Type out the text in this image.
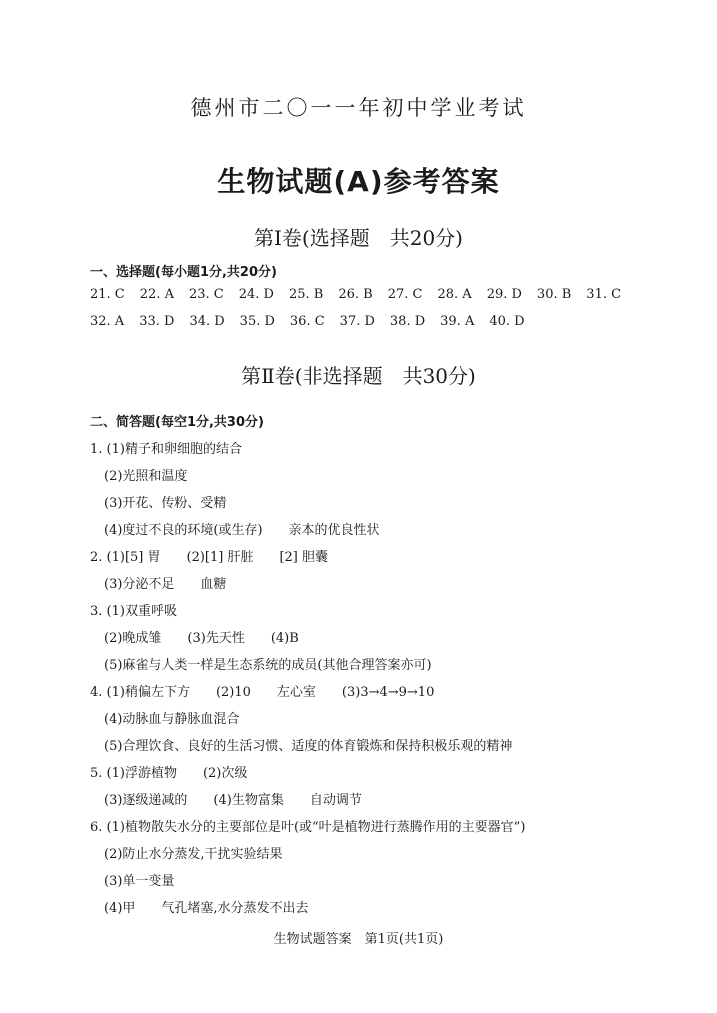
德州市二〇一一年初中学业考试
生物试题(A)参考答案
第Ⅰ卷(选择题　共20分)
一、选择题(每小题1分,共20分)
21. C 22. A 23. C 24. D 25. B 26. B 27. C 28. A 29. D 30. B 31. C
32. A 33. D 34. D 35. D 36. C 37. D 38. D 39. A 40. D
第Ⅱ卷(非选择题　共30分)
二、简答题(每空1分,共30分)
1. (1)精子和卵细胞的结合
(2)光照和温度
(3)开花、传粉、受精
(4)度过不良的环境(或生存)　　亲本的优良性状
2. (1)[5] 胃　　(2)[1] 肝脏　　[2] 胆囊
(3)分泌不足　　血糖
3. (1)双重呼吸
(2)晚成雏　　(3)先天性　　(4)B
(5)麻雀与人类一样是生态系统的成员(其他合理答案亦可)
4. (1)稍偏左下方　　(2)10　　左心室　　(3)3→4→9→10
(4)动脉血与静脉血混合
(5)合理饮食、良好的生活习惯、适度的体育锻炼和保持积极乐观的精神
5. (1)浮游植物　　(2)次级
(3)逐级递减的　　(4)生物富集　　自动调节
6. (1)植物散失水分的主要部位是叶(或“叶是植物进行蒸腾作用的主要器官”)
(2)防止水分蒸发,干扰实验结果
(3)单一变量
(4)甲　　气孔堵塞,水分蒸发不出去
生物试题答案　第1页(共1页)
